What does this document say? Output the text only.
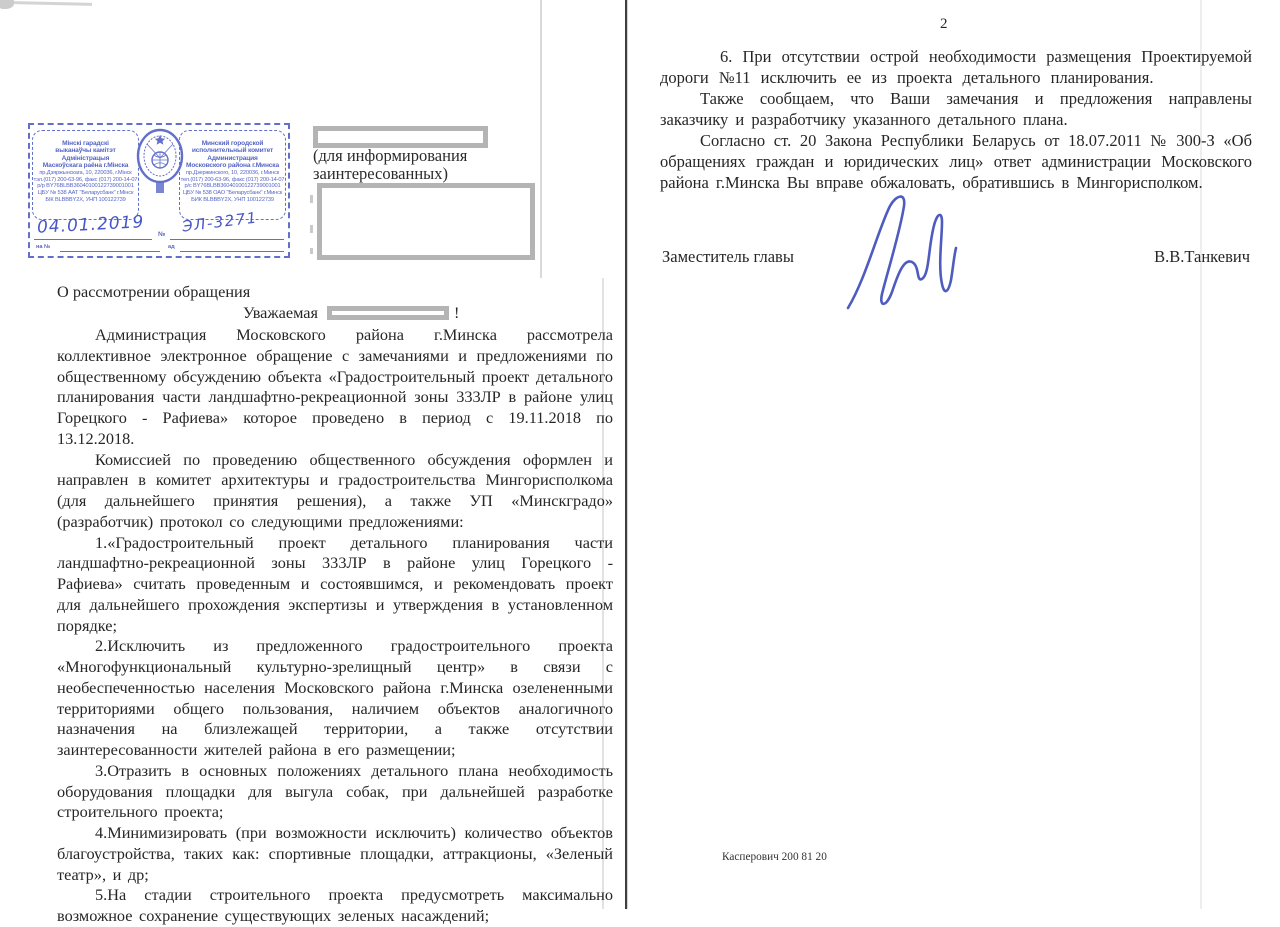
Мінскі гарадскі
выканаўчы камітэт
Адміністрацыя
Маскоўскага раёна г.Мінска
пр.Дзяржынскага, 10, 220036, г.Мінск
тэл.(017) 200-63-96, факс (017) 200-14-07
р/р BY76BLBB36040100122739001001
ЦБУ № 538 ААТ "Беларусбанк" г.Мінск
БІК BLBBBY2X, УНП 100122739
Минский городской
исполнительный комитет
Администрация
Московского района г.Минска
пр.Дзержинского, 10, 220036, г.Минск
тел.(017) 200-63-96, факс (017) 200-14-07
р/с BY76BLBB36040100122739001001
ЦБУ № 538 ОАО "Беларусбанк" г.Минск
БИК BLBBBY2X, УНП 100122739
04.01.2019 ЭЛ-3271
№
на №	ад
(для информирования
заинтересованных)
О рассмотрении обращения
Уважаемая	!

Администрация Московского района г.Минска рассмотрела коллективное электронное обращение с замечаниями и предложениями по общественному обсуждению объекта «Градостроительный проект детального планирования части ландшафтно-рекреационной зоны 333ЛР в районе улиц Горецкого - Рафиева» которое проведено в период с 19.11.2018 по 13.12.2018.

Комиссией по проведению общественного обсуждения оформлен и направлен в комитет архитектуры и градостроительства Мингорисполкома (для дальнейшего принятия решения), а также УП «Минскградо» (разработчик) протокол со следующими предложениями:

1.«Градостроительный проект детального планирования части ландшафтно-рекреационной зоны 333ЛР в районе улиц Горецкого - Рафиева» считать проведенным и состоявшимся, и рекомендовать проект для дальнейшего прохождения экспертизы и утверждения в установленном порядке;

2.Исключить из предложенного градостроительного проекта «Многофункциональный культурно-зрелищный центр» в связи с необеспеченностью населения Московского района г.Минска озелененными территориями общего пользования, наличием объектов аналогичного назначения на близлежащей территории, а также отсутствии заинтересованности жителей района в его размещении;

3.Отразить в основных положениях детального плана необходимость оборудования площадки для выгула собак, при дальнейшей разработке строительного проекта;

4.Минимизировать (при возможности исключить) количество объектов благоустройства, таких как: спортивные площадки, аттракционы, «Зеленый театр», и др;

5.На стадии строительного проекта предусмотреть максимально возможное сохранение существующих зеленых насаждений;

2

6. При отсутствии острой необходимости размещения Проектируемой дороги №11 исключить ее из проекта детального планирования.

Также сообщаем, что Ваши замечания и предложения направлены заказчику и разработчику указанного детального плана.

Согласно ст. 20 Закона Республики Беларусь от 18.07.2011 № 300-З «Об обращениях граждан и юридических лиц» ответ администрации Московского района г.Минска Вы вправе обжаловать, обратившись в Мингорисполком.

Заместитель главы	В.В.Танкевич
Касперович 200 81 20
